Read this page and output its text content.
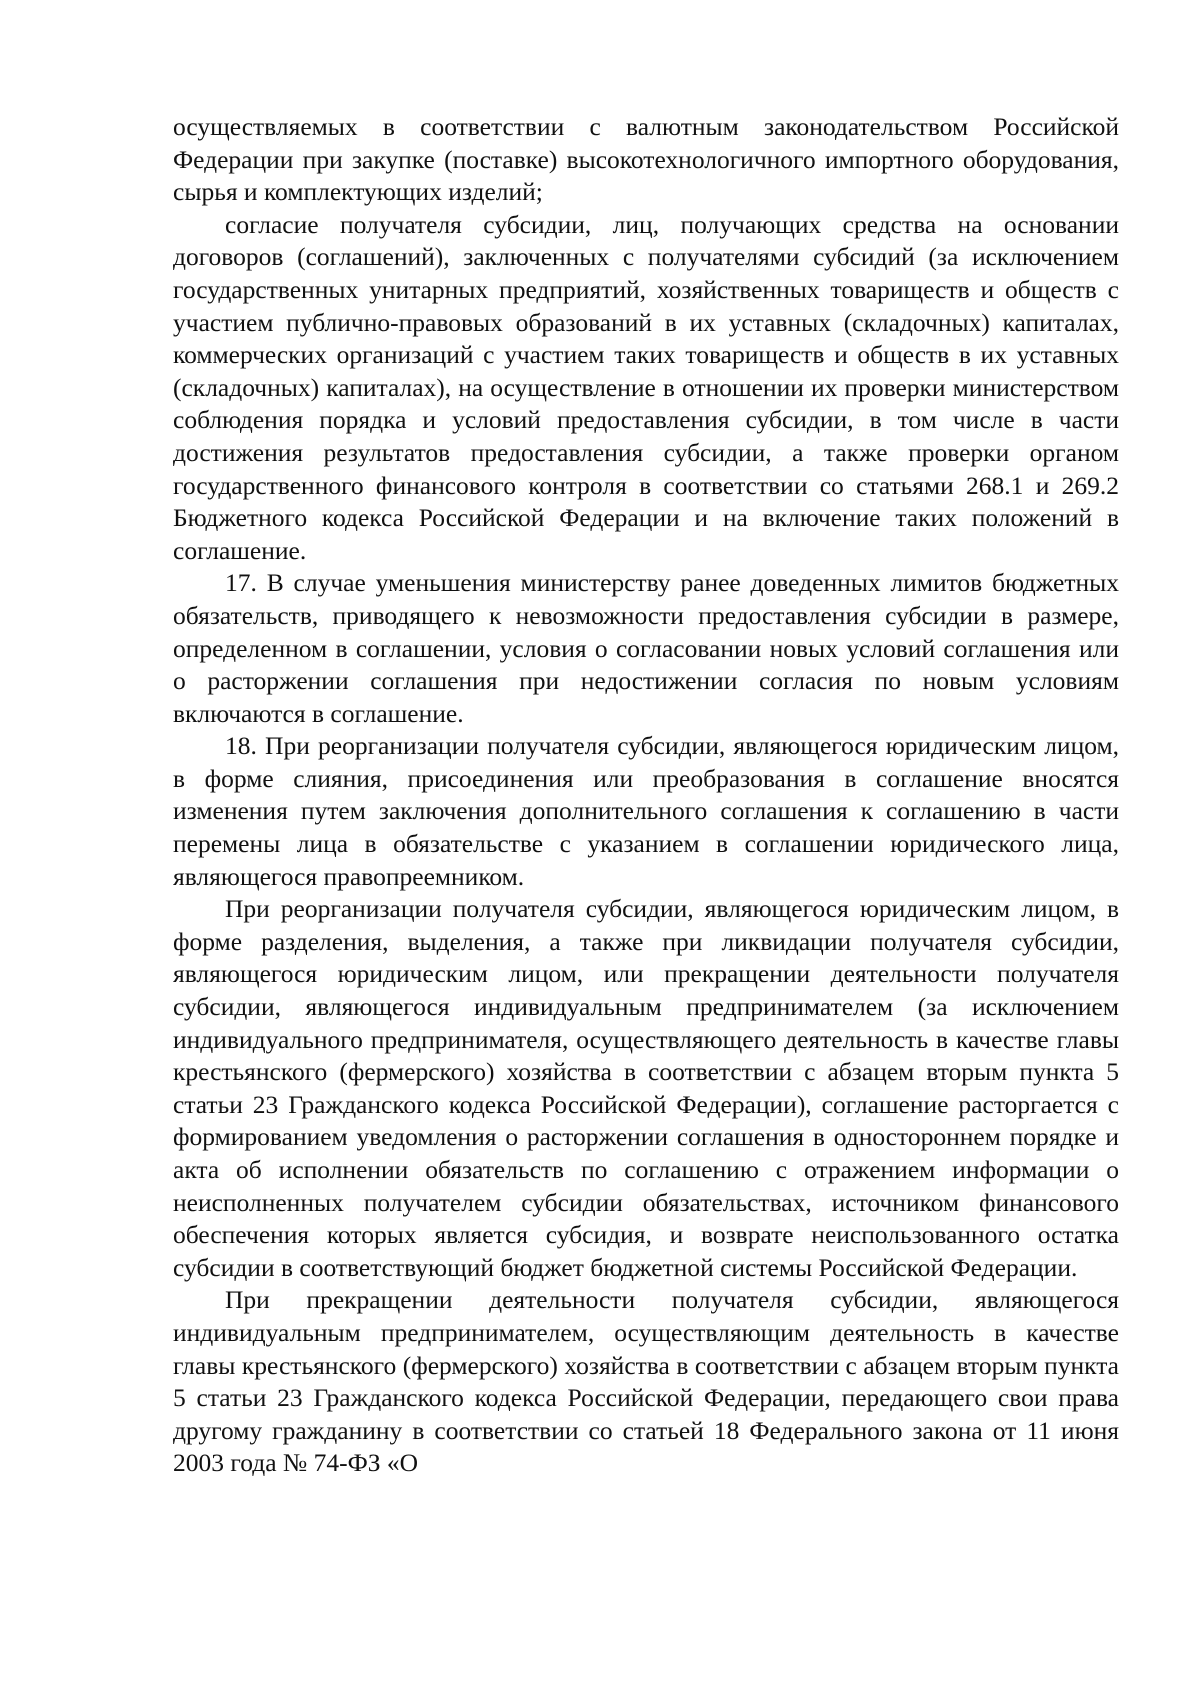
осуществляемых в соответствии с валютным законодательством Российской Федерации при закупке (поставке) высокотехнологичного импортного оборудования, сырья и комплектующих изделий;

согласие получателя субсидии, лиц, получающих средства на основании договоров (соглашений), заключенных с получателями субсидий (за исключением государственных унитарных предприятий, хозяйственных товариществ и обществ с участием публично-правовых образований в их уставных (складочных) капиталах, коммерческих организаций с участием таких товариществ и обществ в их уставных (складочных) капиталах), на осуществление в отношении их проверки министерством соблюдения порядка и условий предоставления субсидии, в том числе в части достижения результатов предоставления субсидии, а также проверки органом государственного финансового контроля в соответствии со статьями 268.1 и 269.2 Бюджетного кодекса Российской Федерации и на включение таких положений в соглашение.

17. В случае уменьшения министерству ранее доведенных лимитов бюджетных обязательств, приводящего к невозможности предоставления субсидии в размере, определенном в соглашении, условия о согласовании новых условий соглашения или о расторжении соглашения при недостижении согласия по новым условиям включаются в соглашение.

18. При реорганизации получателя субсидии, являющегося юридическим лицом, в форме слияния, присоединения или преобразования в соглашение вносятся изменения путем заключения дополнительного соглашения к соглашению в части перемены лица в обязательстве с указанием в соглашении юридического лица, являющегося правопреемником.

При реорганизации получателя субсидии, являющегося юридическим лицом, в форме разделения, выделения, а также при ликвидации получателя субсидии, являющегося юридическим лицом, или прекращении деятельности получателя субсидии, являющегося индивидуальным предпринимателем (за исключением индивидуального предпринимателя, осуществляющего деятельность в качестве главы крестьянского (фермерского) хозяйства в соответствии с абзацем вторым пункта 5 статьи 23 Гражданского кодекса Российской Федерации), соглашение расторгается с формированием уведомления о расторжении соглашения в одностороннем порядке и акта об исполнении обязательств по соглашению с отражением информации о неисполненных получателем субсидии обязательствах, источником финансового обеспечения которых является субсидия, и возврате неиспользованного остатка субсидии в соответствующий бюджет бюджетной системы Российской Федерации.

При прекращении деятельности получателя субсидии, являющегося индивидуальным предпринимателем, осуществляющим деятельность в качестве главы крестьянского (фермерского) хозяйства в соответствии с абзацем вторым пункта 5 статьи 23 Гражданского кодекса Российской Федерации, передающего свои права другому гражданину в соответствии со статьей 18 Федерального закона от 11 июня 2003 года № 74-ФЗ «О
